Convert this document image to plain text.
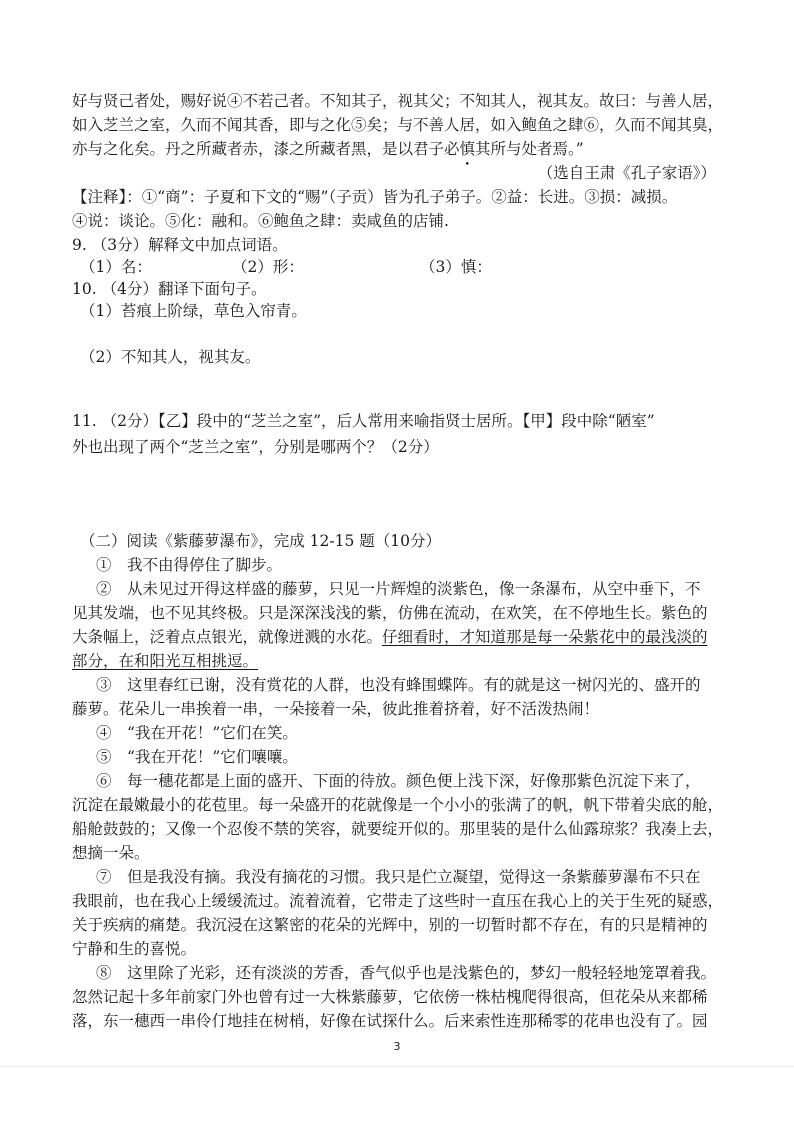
好与贤己者处，赐好说④不若己者。不知其子，视其父；不知其人，视其友。故曰：与善人居，
如入芝兰之室，久而不闻其香，即与之化⑤矣；与不善人居，如入鲍鱼之肆⑥，久而不闻其臭，
亦与之化矣。丹之所藏者赤，漆之所藏者黑，是以君子必慎其所与处者焉。”
（选自王肃《孔子家语》）
【注释】：①“商”：子夏和下文的“赐”（子贡）皆为孔子弟子。②益：长进。③损：减损。
④说：谈论。⑤化：融和。⑥鲍鱼之肆：卖咸鱼的店铺.
9. （3分）解释文中加点词语。
（1）名：	（2）形：	（3）慎：
10. （4分）翻译下面句子。
（1）苔痕上阶绿，草色入帘青。
（2）不知其人，视其友。
11. （2分）【乙】段中的“芝兰之室”，后人常用来喻指贤士居所。【甲】段中除“陋室”
外也出现了两个“芝兰之室”，分别是哪两个？（2分）
（二）阅读《紫藤萝瀑布》，完成 12-15 题（10分）
①　我不由得停住了脚步。
②　从未见过开得这样盛的藤萝，只见一片辉煌的淡紫色，像一条瀑布，从空中垂下，不
见其发端，也不见其终极。只是深深浅浅的紫，仿佛在流动，在欢笑，在不停地生长。紫色的
大条幅上，泛着点点银光，就像迸溅的水花。仔细看时，才知道那是每一朵紫花中的最浅淡的
部分，在和阳光互相挑逗。
③　这里春红已谢，没有赏花的人群，也没有蜂围蝶阵。有的就是这一树闪光的、盛开的
藤萝。花朵儿一串挨着一串，一朵接着一朵，彼此推着挤着，好不活泼热闹！
④　“我在开花！”它们在笑。
⑤　“我在开花！”它们嚷嚷。
⑥　每一穗花都是上面的盛开、下面的待放。颜色便上浅下深，好像那紫色沉淀下来了，
沉淀在最嫩最小的花苞里。每一朵盛开的花就像是一个小小的张满了的帆，帆下带着尖底的舱，
船舱鼓鼓的；又像一个忍俊不禁的笑容，就要绽开似的。那里装的是什么仙露琼浆？我凑上去，
想摘一朵。
⑦　但是我没有摘。我没有摘花的习惯。我只是伫立凝望，觉得这一条紫藤萝瀑布不只在
我眼前，也在我心上缓缓流过。流着流着，它带走了这些时一直压在我心上的关于生死的疑惑，
关于疾病的痛楚。我沉浸在这繁密的花朵的光辉中，别的一切暂时都不存在，有的只是精神的
宁静和生的喜悦。
⑧　这里除了光彩，还有淡淡的芳香，香气似乎也是浅紫色的，梦幻一般轻轻地笼罩着我。
忽然记起十多年前家门外也曾有过一大株紫藤萝，它依傍一株枯槐爬得很高，但花朵从来都稀
落，东一穗西一串伶仃地挂在树梢，好像在试探什么。后来索性连那稀零的花串也没有了。园
3
